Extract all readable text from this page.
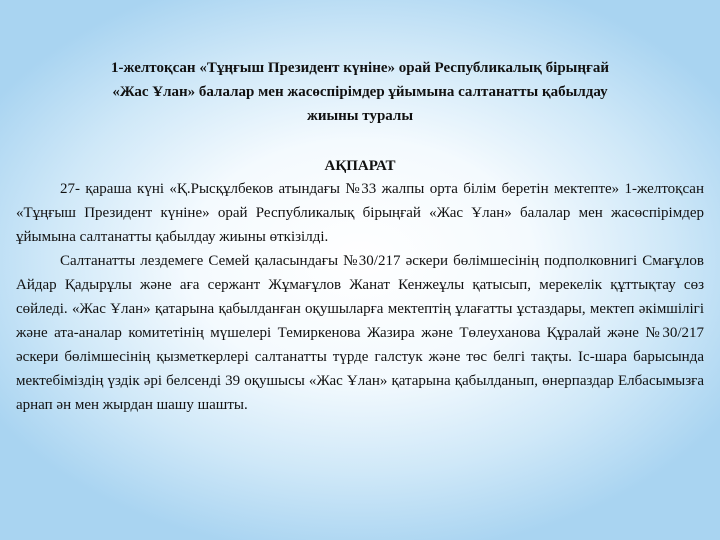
1-желтоқсан «Тұңғыш Президент күніне» орай Республикалық бірыңғай
«Жас Ұлан» балалар мен жасөспірімдер ұйымына салтанатты қабылдау
жиыны туралы
АҚПАРАТ

27- қараша күні «Қ.Рысқұлбеков атындағы №33 жалпы орта білім беретін мектепте» 1-желтоқсан «Тұңғыш Президент күніне» орай Республикалық бірыңғай «Жас Ұлан» балалар мен жасөспірімдер ұйымына салтанатты қабылдау жиыны өткізілді.

Салтанатты лездемеге Семей қаласындағы №30/217 әскери бөлімшесінің подполковнигі Смағұлов Айдар Қадырұлы және аға сержант Жұмағұлов Жанат Кенжеұлы қатысып, мерекелік құттықтау сөз сөйледі. «Жас Ұлан» қатарына қабылданған оқушыларға мектептің ұлағатты ұстаздары, мектеп әкімшілігі және ата-аналар комитетінің мүшелері Темиркенова Жазира және Төлеуханова Құралай және №30/217 әскери бөлімшесінің қызметкерлері салтанатты түрде галстук және төс белгі тақты. Іс-шара барысында мектебіміздің үздік әрі белсенді 39 оқушысы «Жас Ұлан» қатарына қабылданып, өнерпаздар Елбасымызға арнап ән мен жырдан шашу шашты.
